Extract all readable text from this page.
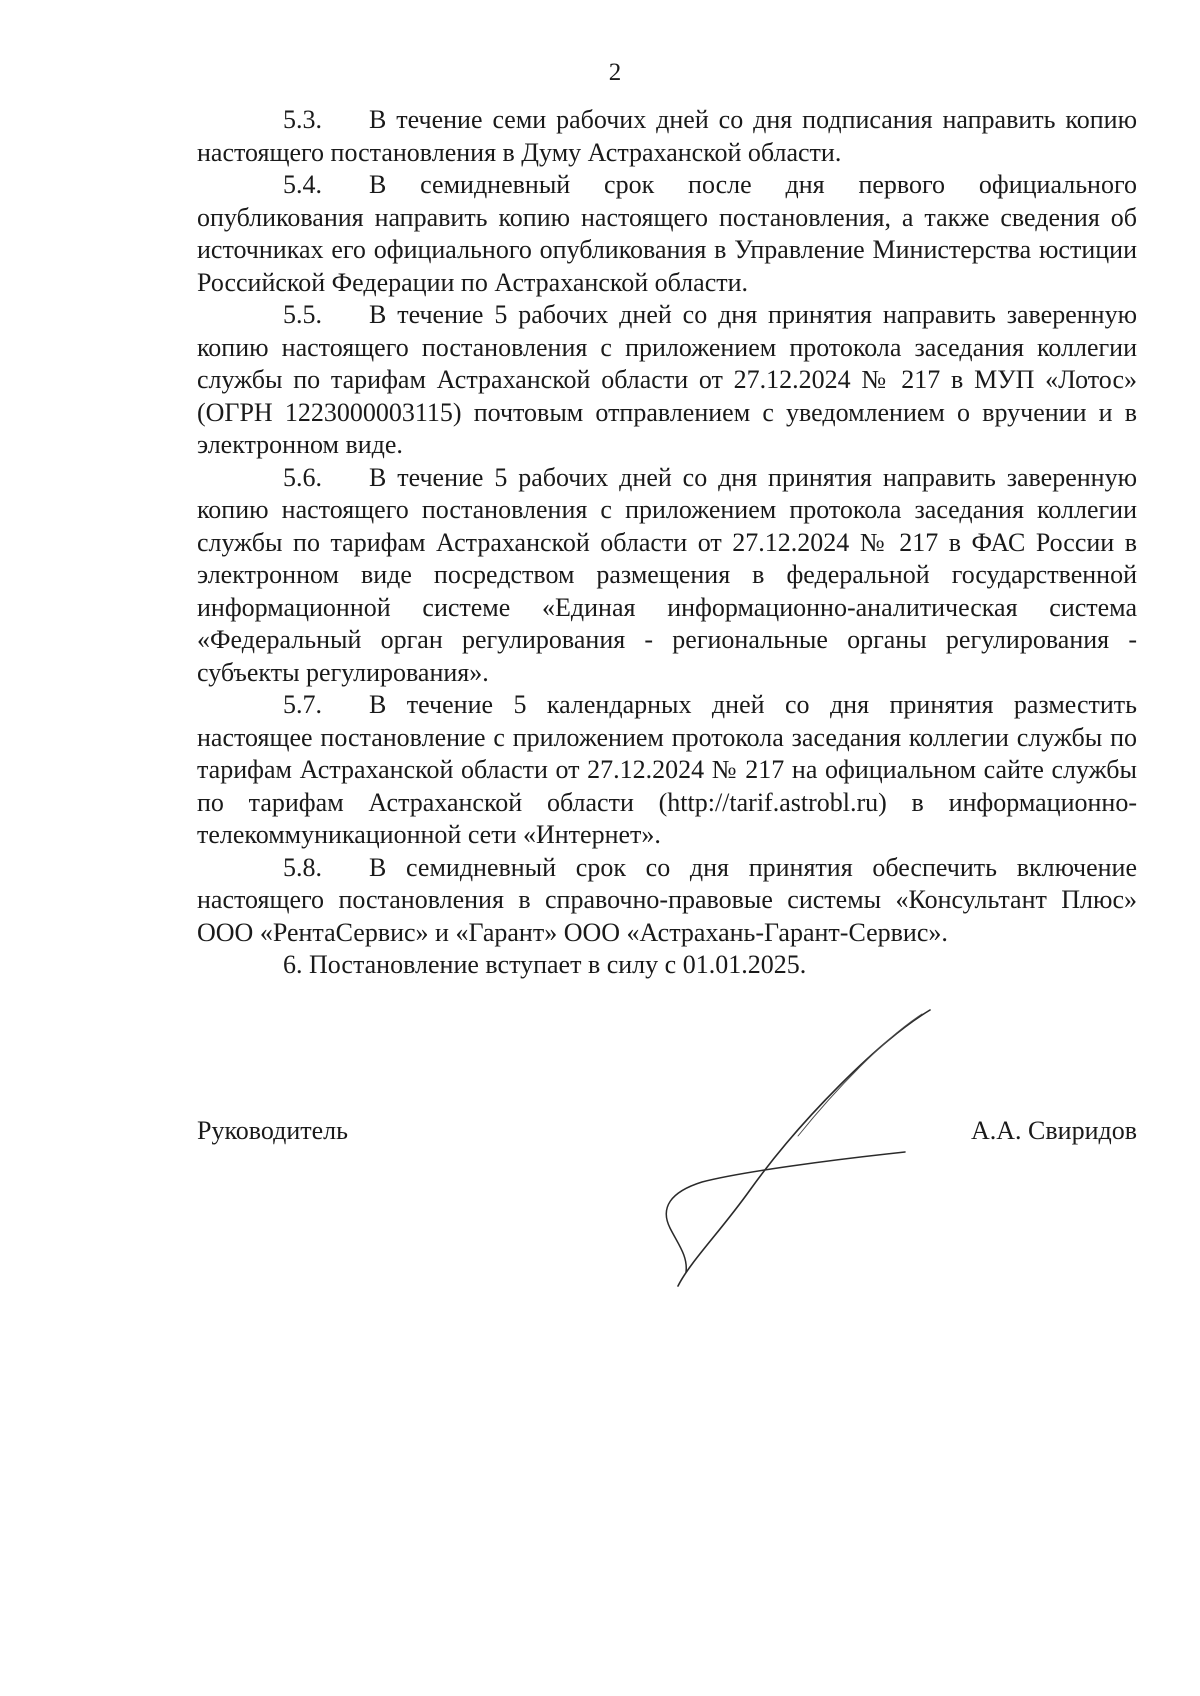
2

5.3. В течение семи рабочих дней со дня подписания направить копию настоящего постановления в Думу Астраханской области.

5.4. В семидневный срок после дня первого официального опубликования направить копию настоящего постановления, а также сведения об источниках его официального опубликования в Управление Министерства юстиции Российской Федерации по Астраханской области.

5.5. В течение 5 рабочих дней со дня принятия направить заверенную копию настоящего постановления с приложением протокола заседания коллегии службы по тарифам Астраханской области от 27.12.2024 № 217 в МУП «Лотос» (ОГРН 1223000003115) почтовым отправлением с уведомлением о вручении и в электронном виде.

5.6. В течение 5 рабочих дней со дня принятия направить заверенную копию настоящего постановления с приложением протокола заседания коллегии службы по тарифам Астраханской области от 27.12.2024 № 217 в ФАС России в электронном виде посредством размещения в федеральной государственной информационной системе «Единая информационно-аналитическая система «Федеральный орган регулирования - региональные органы регулирования - субъекты регулирования».

5.7. В течение 5 календарных дней со дня принятия разместить настоящее постановление с приложением протокола заседания коллегии службы по тарифам Астраханской области от 27.12.2024 № 217 на официальном сайте службы по тарифам Астраханской области (http://tarif.astrobl.ru) в информационно-телекоммуникационной сети «Интернет».

5.8. В семидневный срок со дня принятия обеспечить включение настоящего постановления в справочно-правовые системы «Консультант Плюс» ООО «РентаСервис» и «Гарант» ООО «Астрахань-Гарант-Сервис».

6. Постановление вступает в силу с 01.01.2025.

Руководитель	А.А. Свиридов
